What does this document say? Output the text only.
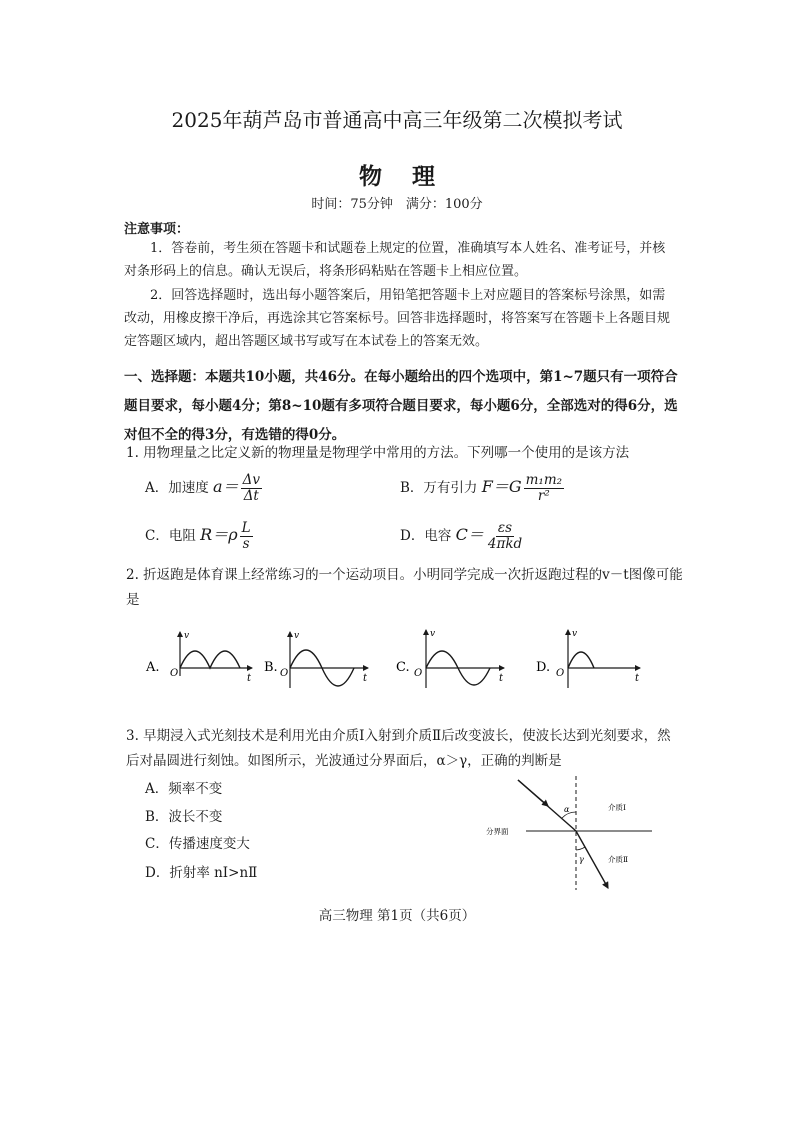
2025年葫芦岛市普通高中高三年级第二次模拟考试
物理
时间：75分钟　满分：100分
注意事项：
1．答卷前，考生须在答题卡和试题卷上规定的位置，准确填写本人姓名、准考证号，并核对条形码上的信息。确认无误后，将条形码粘贴在答题卡上相应位置。
2．回答选择题时，选出每小题答案后，用铅笔把答题卡上对应题目的答案标号涂黑，如需改动，用橡皮擦干净后，再选涂其它答案标号。回答非选择题时，将答案写在答题卡上各题目规定答题区域内，超出答题区域书写或写在本试卷上的答案无效。
一、选择题：本题共10小题，共46分。在每小题给出的四个选项中，第1~7题只有一项符合题目要求，每小题4分；第8~10题有多项符合题目要求，每小题6分，全部选对的得6分，选对但不全的得3分，有选错的得0分。
1. 用物理量之比定义新的物理量是物理学中常用的方法。下列哪一个使用的是该方法
A．加速度 $a= \frac{\Delta v}{\Delta t}$	B．万有引力 $F=G \frac{\text{m₁m₂}}{\text{r²}}$
C．电阻 $R=\rho \frac{L}{s}$	D．电容 $C= \frac{\varepsilon s}{\text{4πkd}}$
2. 折返跑是体育课上经常练习的一个运动项目。小明同学完成一次折返跑过程的v－t图像可能是
A. O
v
t
B. O
v
t
C. O
v
t
D. O
v
t
3. 早期浸入式光刻技术是利用光由介质Ⅰ入射到介质Ⅱ后改变波长，使波长达到光刻要求，然后对晶圆进行刻蚀。如图所示，光波通过分界面后，α＞γ，正确的判断是
A．频率不变
B．波长不变
C．传播速度变大
D．折射率 nⅠ>nⅡ
α
γ
分界面
介质Ⅰ
介质Ⅱ
高三物理 第1页（共6页）
